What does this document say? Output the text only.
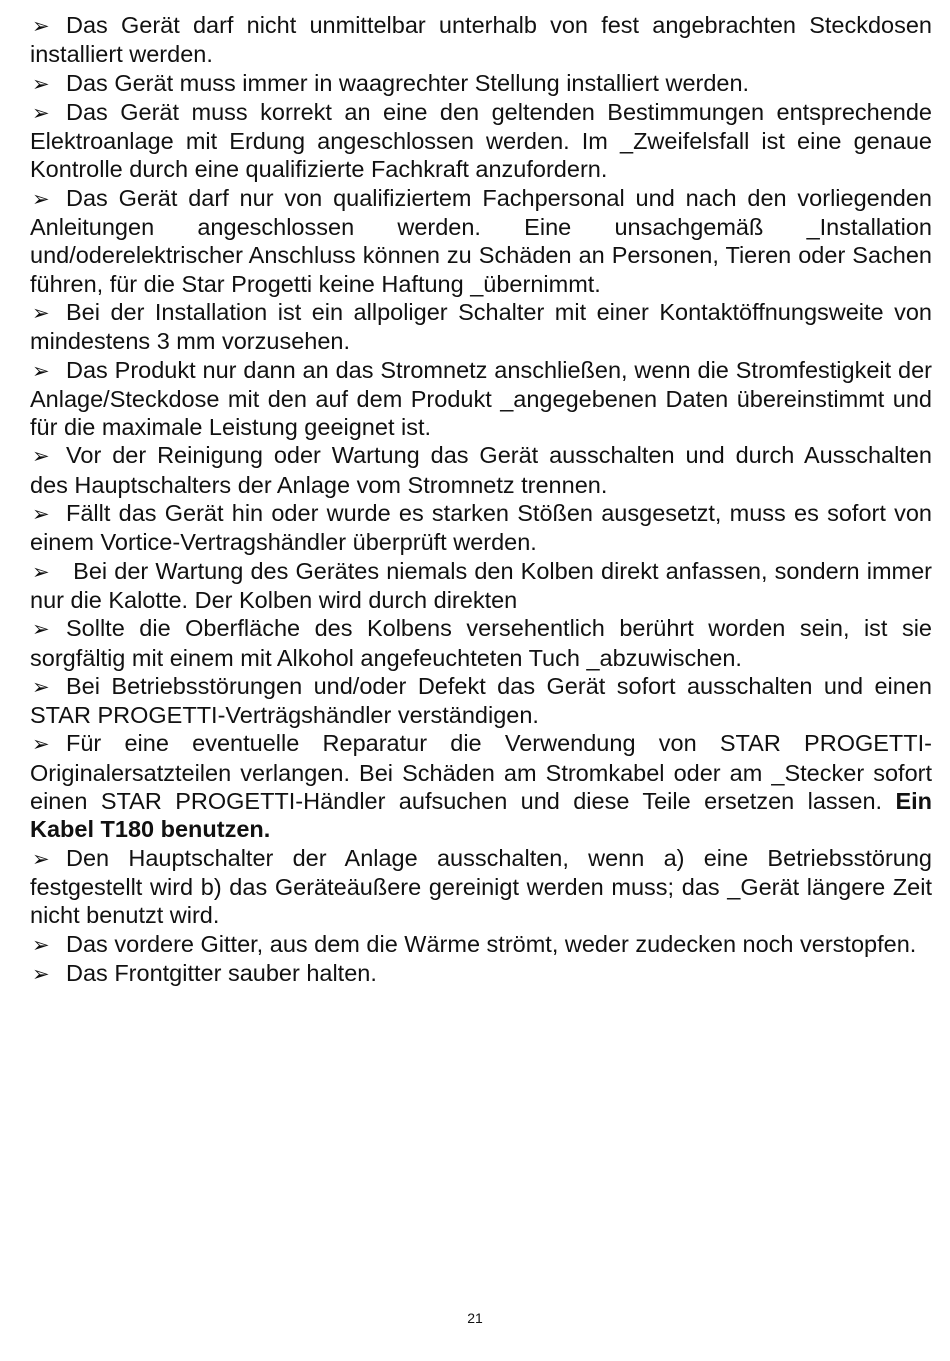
➢ Das Gerät darf nicht unmittelbar unterhalb von fest angebrachten Steckdosen installiert werden.

➢ Das Gerät muss immer in waagrechter Stellung installiert werden.

➢ Das Gerät muss korrekt an eine den geltenden Bestimmungen entsprechende Elektroanlage mit Erdung angeschlossen werden. Im _Zweifelsfall ist eine genaue Kontrolle durch eine qualifizierte Fachkraft anzufordern.

➢ Das Gerät darf nur von qualifiziertem Fachpersonal und nach den vorliegenden Anleitungen angeschlossen werden. Eine unsachgemäß _Installation und/oderelektrischer Anschluss können zu Schäden an Personen, Tieren oder Sachen führen, für die Star Progetti keine Haftung _übernimmt.

➢ Bei der Installation ist ein allpoliger Schalter mit einer Kontaktöffnungsweite von mindestens 3 mm vorzusehen.

➢ Das Produkt nur dann an das Stromnetz anschließen, wenn die Stromfestigkeit der Anlage/Steckdose mit den auf dem Produkt _angegebenen Daten übereinstimmt und für die maximale Leistung geeignet ist.

➢ Vor der Reinigung oder Wartung das Gerät ausschalten und durch Ausschalten des Hauptschalters der Anlage vom Stromnetz trennen.

➢ Fällt das Gerät hin oder wurde es starken Stößen ausgesetzt, muss es sofort von einem Vortice-Vertragshändler überprüft werden.

➢ Bei der Wartung des Gerätes niemals den Kolben direkt anfassen, sondern immer nur die Kalotte. Der Kolben wird durch direkten

➢ Sollte die Oberfläche des Kolbens versehentlich berührt worden sein, ist sie sorgfältig mit einem mit Alkohol angefeuchteten Tuch _abzuwischen.

➢ Bei Betriebsstörungen und/oder Defekt das Gerät sofort ausschalten und einen STAR PROGETTI-Verträgshändler verständigen.

➢ Für eine eventuelle Reparatur die Verwendung von STAR PROGETTI-Originalersatzteilen verlangen. Bei Schäden am Stromkabel oder am _Stecker sofort einen STAR PROGETTI-Händler aufsuchen und diese Teile ersetzen lassen. Ein Kabel T180 benutzen.

➢ Den Hauptschalter der Anlage ausschalten, wenn a) eine Betriebsstörung festgestellt wird b) das Geräteäußere gereinigt werden muss; das _Gerät längere Zeit nicht benutzt wird.

➢ Das vordere Gitter, aus dem die Wärme strömt, weder zudecken noch verstopfen.

➢ Das Frontgitter sauber halten.

21
